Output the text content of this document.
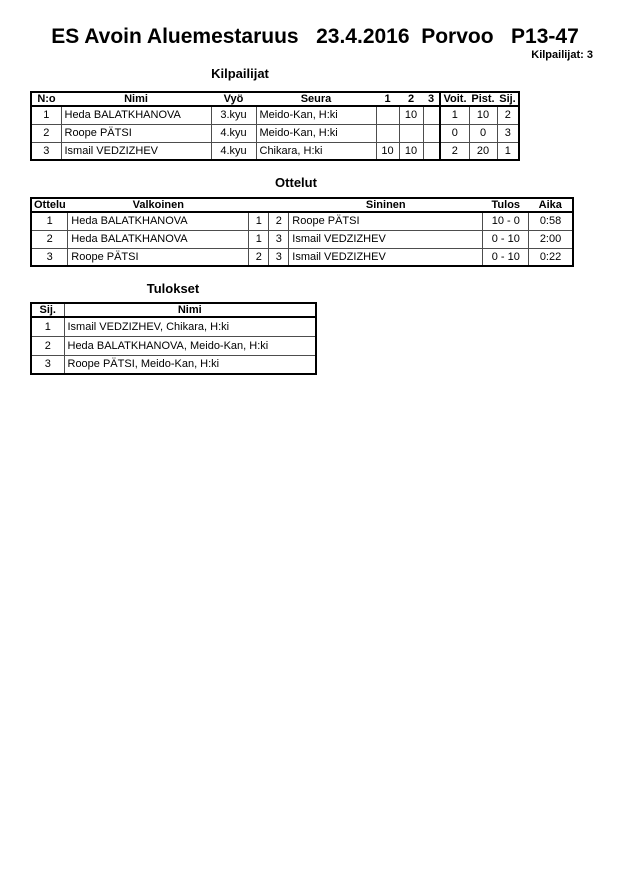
ES Avoin Aluemestaruus   23.4.2016  Porvoo   P13-47
Kilpailijat: 3
Kilpailijat
N:o	Nimi	Vyö	Seura	1	2	3	Voit.	Pist.	Sij.
1	Heda BALATKHANOVA	3.kyu	Meido-Kan, H:ki		10		1	10	2
2	Roope PÄTSI	4.kyu	Meido-Kan, H:ki				0	0	3
3	Ismail VEDZIZHEV	4.kyu	Chikara, H:ki	10	10		2	20	1
Ottelut
Ottelu	Valkoinen			Sininen	Tulos	Aika
1	Heda BALATKHANOVA	1	2	Roope PÄTSI	10 - 0	0:58
2	Heda BALATKHANOVA	1	3	Ismail VEDZIZHEV	0 - 10	2:00
3	Roope PÄTSI	2	3	Ismail VEDZIZHEV	0 - 10	0:22
Tulokset
Sij.	Nimi
1	Ismail VEDZIZHEV, Chikara, H:ki
2	Heda BALATKHANOVA, Meido-Kan, H:ki
3	Roope PÄTSI, Meido-Kan, H:ki
